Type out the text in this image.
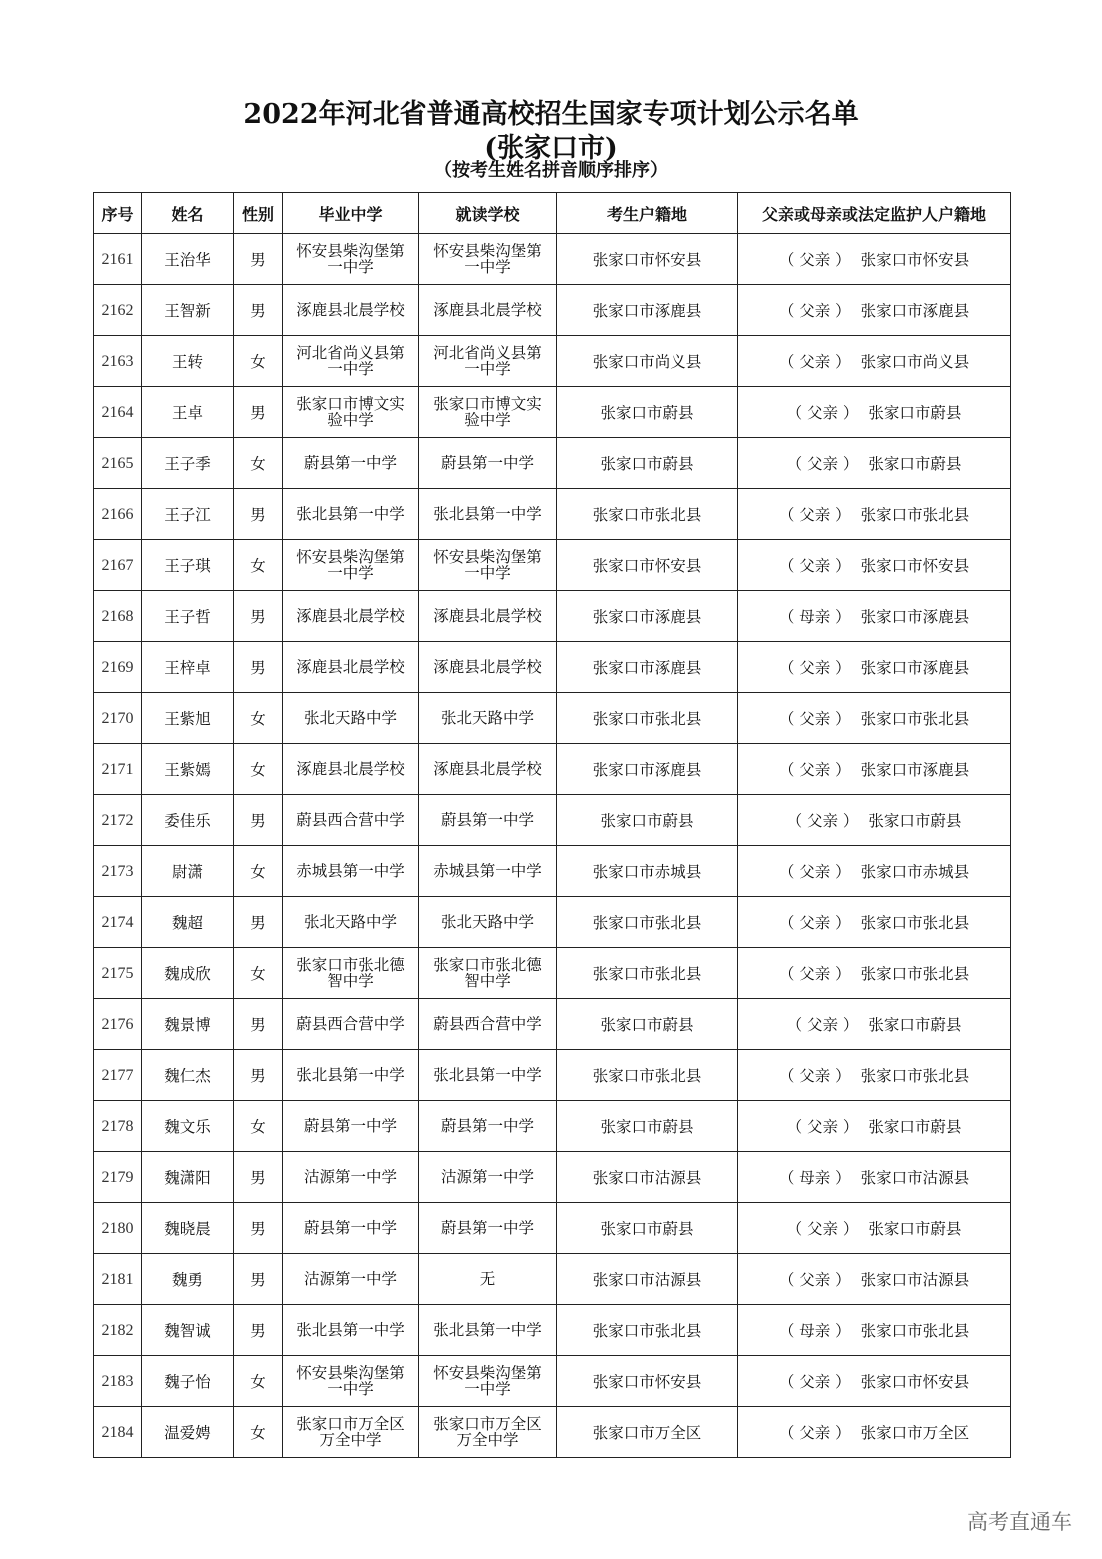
2022年河北省普通高校招生国家专项计划公示名单
(张家口市)
（按考生姓名拼音顺序排序）
序号	姓名	性别	毕业中学	就读学校	考生户籍地	父亲或母亲或法定监护人户籍地
2161	王治华	男	怀安县柴沟堡第一中学	怀安县柴沟堡第一中学	张家口市怀安县	（ 父亲 ） 张家口市怀安县
2162	王智新	男	涿鹿县北晨学校	涿鹿县北晨学校	张家口市涿鹿县	（ 父亲 ） 张家口市涿鹿县
2163	王转	女	河北省尚义县第一中学	河北省尚义县第一中学	张家口市尚义县	（ 父亲 ） 张家口市尚义县
2164	王卓	男	张家口市博文实验中学	张家口市博文实验中学	张家口市蔚县	（ 父亲 ） 张家口市蔚县
2165	王子季	女	蔚县第一中学	蔚县第一中学	张家口市蔚县	（ 父亲 ） 张家口市蔚县
2166	王子江	男	张北县第一中学	张北县第一中学	张家口市张北县	（ 父亲 ） 张家口市张北县
2167	王子琪	女	怀安县柴沟堡第一中学	怀安县柴沟堡第一中学	张家口市怀安县	（ 父亲 ） 张家口市怀安县
2168	王子哲	男	涿鹿县北晨学校	涿鹿县北晨学校	张家口市涿鹿县	（ 母亲 ） 张家口市涿鹿县
2169	王梓卓	男	涿鹿县北晨学校	涿鹿县北晨学校	张家口市涿鹿县	（ 父亲 ） 张家口市涿鹿县
2170	王紫旭	女	张北天路中学	张北天路中学	张家口市张北县	（ 父亲 ） 张家口市张北县
2171	王紫嫣	女	涿鹿县北晨学校	涿鹿县北晨学校	张家口市涿鹿县	（ 父亲 ） 张家口市涿鹿县
2172	委佳乐	男	蔚县西合营中学	蔚县第一中学	张家口市蔚县	（ 父亲 ） 张家口市蔚县
2173	尉潇	女	赤城县第一中学	赤城县第一中学	张家口市赤城县	（ 父亲 ） 张家口市赤城县
2174	魏超	男	张北天路中学	张北天路中学	张家口市张北县	（ 父亲 ） 张家口市张北县
2175	魏成欣	女	张家口市张北德智中学	张家口市张北德智中学	张家口市张北县	（ 父亲 ） 张家口市张北县
2176	魏景博	男	蔚县西合营中学	蔚县西合营中学	张家口市蔚县	（ 父亲 ） 张家口市蔚县
2177	魏仁杰	男	张北县第一中学	张北县第一中学	张家口市张北县	（ 父亲 ） 张家口市张北县
2178	魏文乐	女	蔚县第一中学	蔚县第一中学	张家口市蔚县	（ 父亲 ） 张家口市蔚县
2179	魏潇阳	男	沽源第一中学	沽源第一中学	张家口市沽源县	（ 母亲 ） 张家口市沽源县
2180	魏晓晨	男	蔚县第一中学	蔚县第一中学	张家口市蔚县	（ 父亲 ） 张家口市蔚县
2181	魏勇	男	沽源第一中学	无	张家口市沽源县	（ 父亲 ） 张家口市沽源县
2182	魏智诚	男	张北县第一中学	张北县第一中学	张家口市张北县	（ 母亲 ） 张家口市张北县
2183	魏子怡	女	怀安县柴沟堡第一中学	怀安县柴沟堡第一中学	张家口市怀安县	（ 父亲 ） 张家口市怀安县
2184	温爱娉	女	张家口市万全区万全中学	张家口市万全区万全中学	张家口市万全区	（ 父亲 ） 张家口市万全区
高考直通车
